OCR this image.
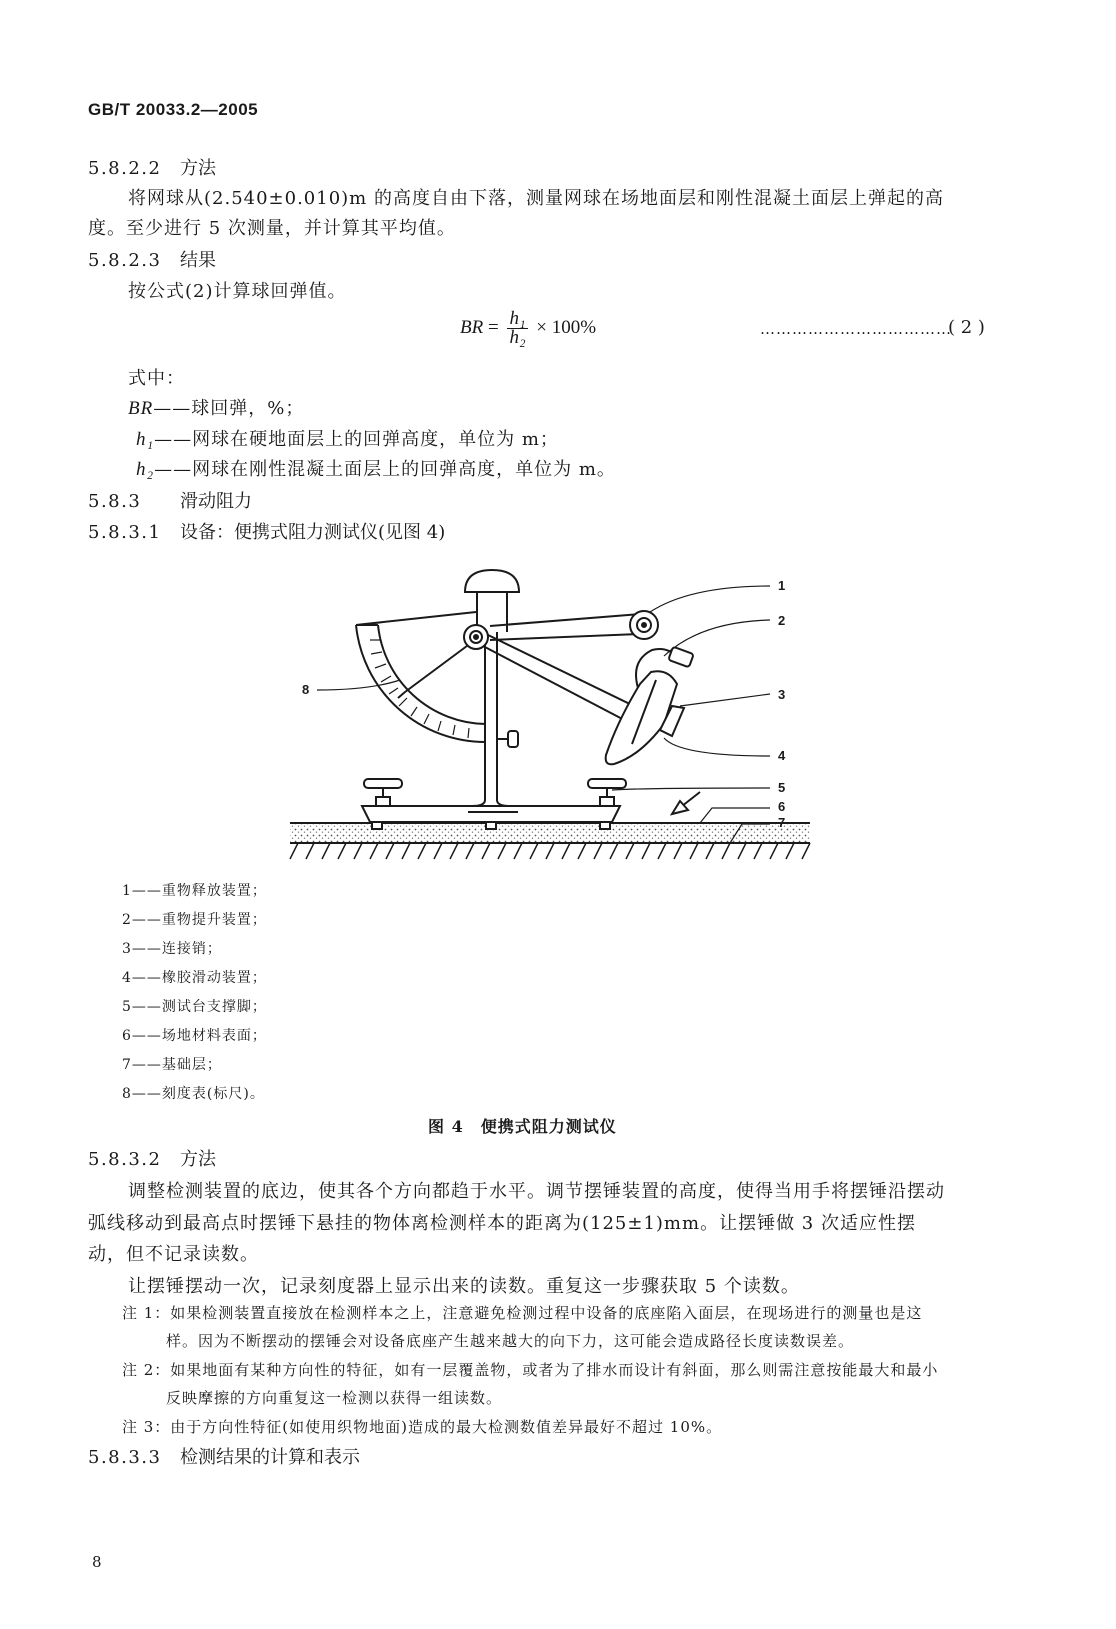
GB/T 20033.2—2005
5.8.2.2 方法
将网球从(2.540±0.010)m 的高度自由下落，测量网球在场地面层和刚性混凝土面层上弹起的高
度。至少进行 5 次测量，并计算其平均值。
5.8.2.3 结果
按公式(2)计算球回弹值。
BR = $\frac{\text{h₁}}{\text{h₂}} \times 100\%$	………………………………
( 2 )
式中：
BR——球回弹，%；
h₁——网球在硬地面层上的回弹高度，单位为 m；
h₂——网球在刚性混凝土面层上的回弹高度，单位为 m。
5.8.3 滑动阻力
5.8.3.1 设备：便携式阻力测试仪(见图 4)
1
2
3
4
5
6
7
8
1——重物释放装置；
2——重物提升装置；
3——连接销；
4——橡胶滑动装置；
5——测试台支撑脚；
6——场地材料表面；
7——基础层；
8——刻度表(标尺)。
图 4　便携式阻力测试仪
5.8.3.2 方法
调整检测装置的底边，使其各个方向都趋于水平。调节摆锤装置的高度，使得当用手将摆锤沿摆动
弧线移动到最高点时摆锤下悬挂的物体离检测样本的距离为(125±1)mm。让摆锤做 3 次适应性摆
动，但不记录读数。
让摆锤摆动一次，记录刻度器上显示出来的读数。重复这一步骤获取 5 个读数。
注 1：如果检测装置直接放在检测样本之上，注意避免检测过程中设备的底座陷入面层，在现场进行的测量也是这
样。因为不断摆动的摆锤会对设备底座产生越来越大的向下力，这可能会造成路径长度读数误差。
注 2：如果地面有某种方向性的特征，如有一层覆盖物，或者为了排水而设计有斜面，那么则需注意按能最大和最小
反映摩擦的方向重复这一检测以获得一组读数。
注 3：由于方向性特征(如使用织物地面)造成的最大检测数值差异最好不超过 10%。
5.8.3.3 检测结果的计算和表示
8
